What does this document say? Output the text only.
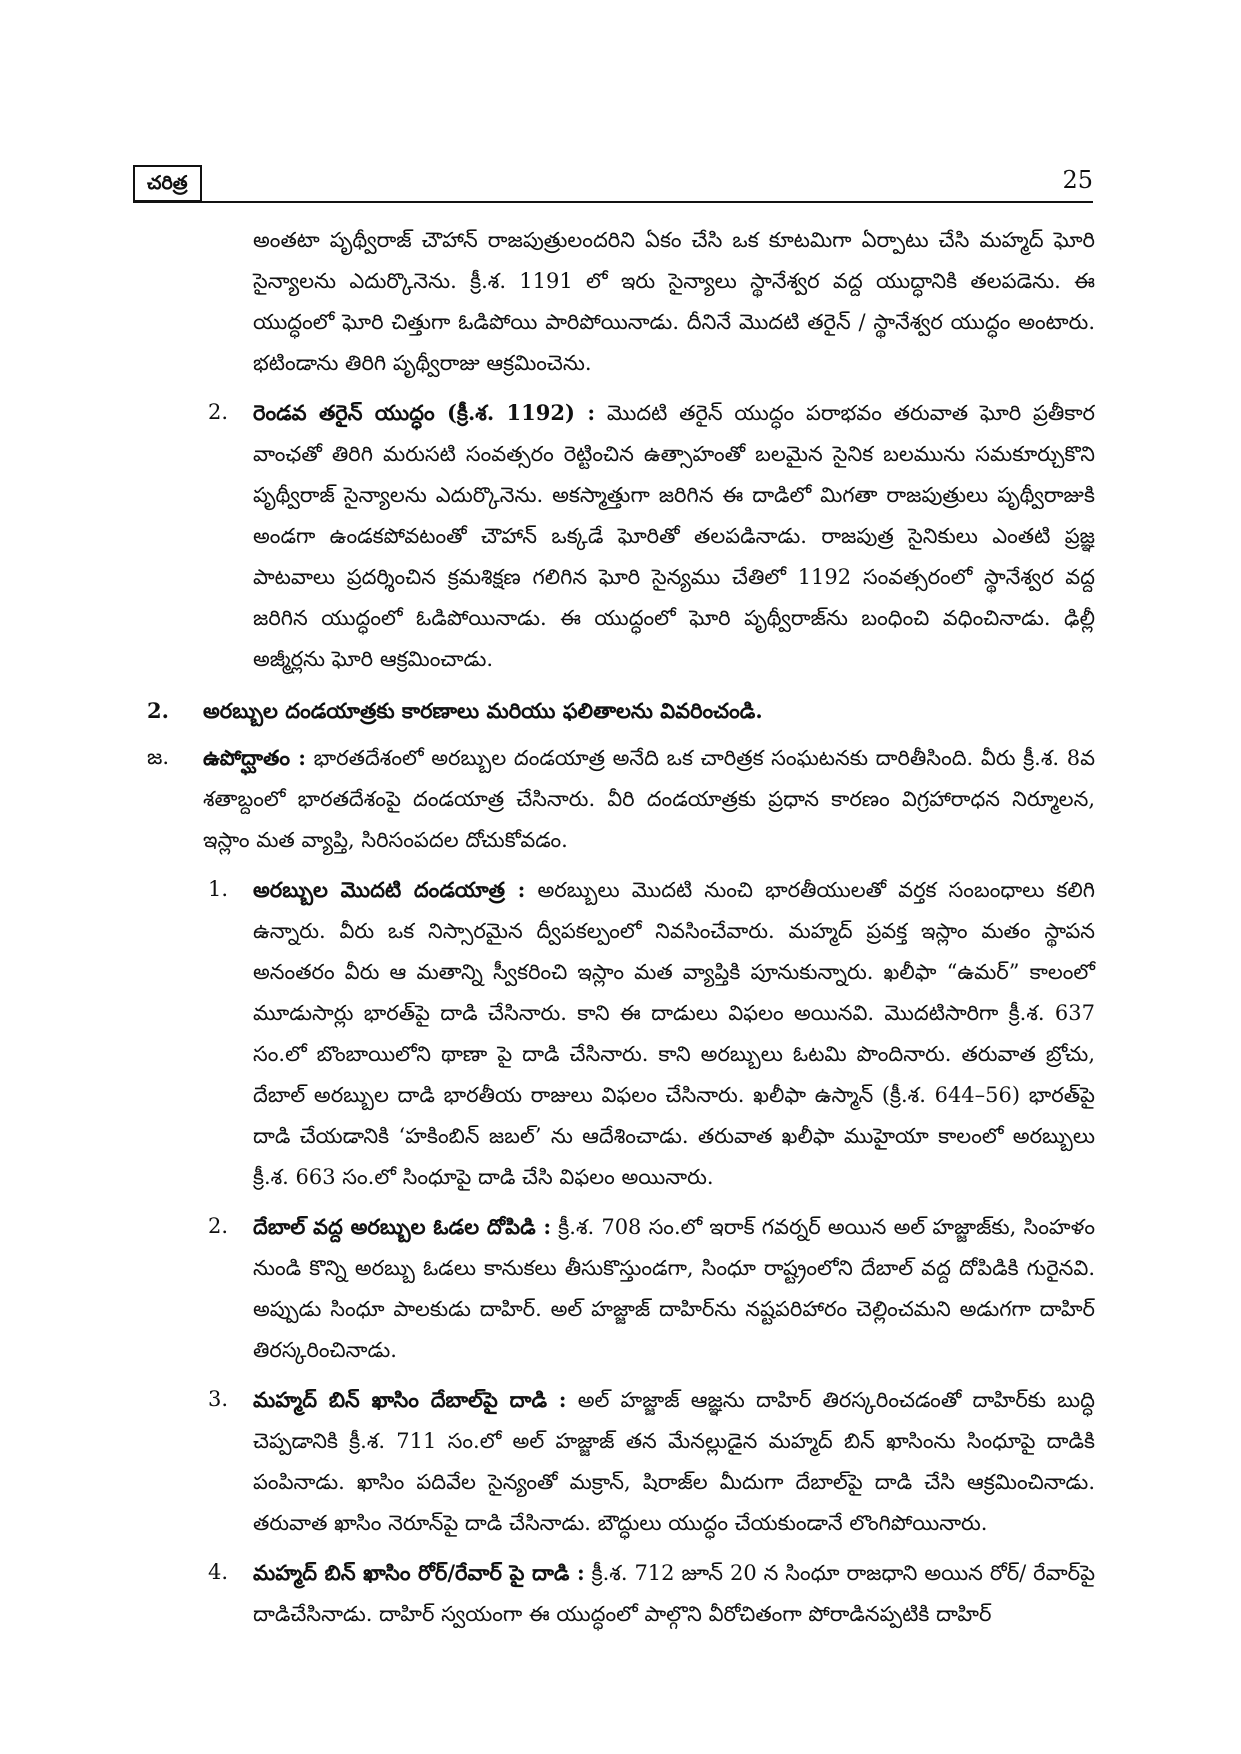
చరిత్ర	25

అంతటా పృథ్వీరాజ్ చౌహాన్ రాజపుత్రులందరిని ఏకం చేసి ఒక కూటమిగా ఏర్పాటు చేసి మహ్మద్ ఘోరి సైన్యాలను ఎదుర్కొనెను. క్రీ.శ. 1191 లో ఇరు సైన్యాలు స్థానేశ్వర వద్ద యుద్ధానికి తలపడెను. ఈ యుద్ధంలో ఘోరి చిత్తుగా ఓడిపోయి పారిపోయినాడు. దీనినే మొదటి తరైన్ / స్థానేశ్వర యుద్ధం అంటారు. భటిండాను తిరిగి పృథ్వీరాజు ఆక్రమించెను.

2. రెండవ తరైన్ యుద్ధం (క్రీ.శ. 1192) : మొదటి తరైన్ యుద్ధం పరాభవం తరువాత ఘోరి ప్రతీకార వాంఛతో తిరిగి మరుసటి సంవత్సరం రెట్టించిన ఉత్సాహంతో బలమైన సైనిక బలమును సమకూర్చుకొని పృథ్వీరాజ్ సైన్యాలను ఎదుర్కొనెను. అకస్మాత్తుగా జరిగిన ఈ దాడిలో మిగతా రాజపుత్రులు పృథ్వీరాజుకి అండగా ఉండకపోవటంతో చౌహాన్ ఒక్కడే ఘోరితో తలపడినాడు. రాజపుత్ర సైనికులు ఎంతటి ప్రజ్ఞ పాటవాలు ప్రదర్శించిన క్రమశిక్షణ గలిగిన ఘోరి సైన్యము చేతిలో 1192 సంవత్సరంలో స్థానేశ్వర వద్ద జరిగిన యుద్ధంలో ఓడిపోయినాడు. ఈ యుద్ధంలో ఘోరి పృథ్వీరాజ్‌ను బంధించి వధించినాడు. ఢిల్లీ అజ్మీర్లను ఘోరి ఆక్రమించాడు.
2. అరబ్బుల దండయాత్రకు కారణాలు మరియు ఫలితాలను వివరించండి.
జ. ఉపోద్ఘాతం : భారతదేశంలో అరబ్బుల దండయాత్ర అనేది ఒక చారిత్రక సంఘటనకు దారితీసింది. వీరు క్రీ.శ. 8వ శతాబ్దంలో భారతదేశంపై దండయాత్ర చేసినారు. వీరి దండయాత్రకు ప్రధాన కారణం విగ్రహారాధన నిర్మూలన, ఇస్లాం మత వ్యాప్తి, సిరిసంపదల దోచుకోవడం.
1. అరబ్బుల మొదటి దండయాత్ర : అరబ్బులు మొదటి నుంచి భారతీయులతో వర్తక సంబంధాలు కలిగి ఉన్నారు. వీరు ఒక నిస్సారమైన ద్వీపకల్పంలో నివసించేవారు. మహ్మద్ ప్రవక్త ఇస్లాం మతం స్థాపన అనంతరం వీరు ఆ మతాన్ని స్వీకరించి ఇస్లాం మత వ్యాప్తికి పూనుకున్నారు. ఖలీఫా “ఉమర్” కాలంలో మూడుసార్లు భారత్‌పై దాడి చేసినారు. కాని ఈ దాడులు విఫలం అయినవి. మొదటిసారిగా క్రీ.శ. 637 సం.లో బొంబాయిలోని థాణా పై దాడి చేసినారు. కాని అరబ్బులు ఓటమి పొందినారు. తరువాత బ్రోచు, దేబాల్ అరబ్బుల దాడి భారతీయ రాజులు విఫలం చేసినారు. ఖలీఫా ఉస్మాన్ (క్రీ.శ. 644–56) భారత్‌పై దాడి చేయడానికి ‘హకింబిన్ జబల్’ ను ఆదేశించాడు. తరువాత ఖలీఫా ముహైయా కాలంలో అరబ్బులు క్రీ.శ. 663 సం.లో సింధూపై దాడి చేసి విఫలం అయినారు.
2. దేబాల్ వద్ద అరబ్బుల ఓడల దోపిడి : క్రీ.శ. 708 సం.లో ఇరాక్ గవర్నర్ అయిన అల్ హజ్జాజ్‌కు, సింహళం నుండి కొన్ని అరబ్బు ఓడలు కానుకలు తీసుకొస్తుండగా, సింధూ రాష్ట్రంలోని దేబాల్ వద్ద దోపిడికి గురైనవి. అప్పుడు సింధూ పాలకుడు దాహిర్. అల్ హజ్జాజ్ దాహిర్‌ను నష్టపరిహారం చెల్లించమని అడుగగా దాహిర్ తిరస్కరించినాడు.
3. మహ్మద్ బిన్ ఖాసిం దేబాల్‌పై దాడి : అల్ హజ్జాజ్ ఆజ్ఞను దాహిర్ తిరస్కరించడంతో దాహిర్‌కు బుద్ధి చెప్పడానికి క్రీ.శ. 711 సం.లో అల్ హజ్జాజ్ తన మేనల్లుడైన మహ్మద్ బిన్ ఖాసింను సింధూపై దాడికి పంపినాడు. ఖాసిం పదివేల సైన్యంతో మక్రాన్, షిరాజ్‌ల మీదుగా దేబాల్‌పై దాడి చేసి ఆక్రమించినాడు. తరువాత ఖాసిం నెరూన్‌పై దాడి చేసినాడు. బౌద్ధులు యుద్ధం చేయకుండానే లొంగిపోయినారు.
4. మహ్మద్ బిన్ ఖాసిం రోర్/రేవార్ పై దాడి : క్రీ.శ. 712 జూన్ 20 న సింధూ రాజధాని అయిన రోర్/ రేవార్‌పై దాడిచేసినాడు. దాహిర్ స్వయంగా ఈ యుద్ధంలో పాల్గొని వీరోచితంగా పోరాడినప్పటికి దాహిర్
